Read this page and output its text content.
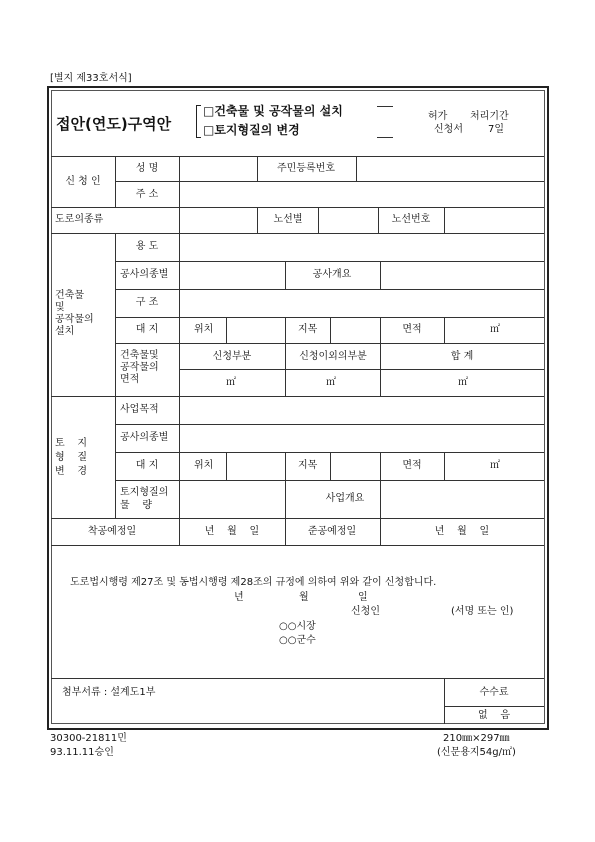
[별지 제33호서식]
접안(연도)구역안
□건축물 및 공작물의 설치
□토지형질의 변경
허가 처리기간
신청서	7일
신 청 인
성 명	주민등록번호
주 소
도로의종류	노선별	노선번호
건축물
및
공작물의
설치
용 도
공사의종별	공사개요
구 조
대 지	위치	지목	면적	㎡
건축물및
공작물의
면적
신청부분	신청이외의부분	합 계
㎡	㎡	㎡
토    지
형    질
변    경
사업목적
공사의종별
대 지	위치	지목	면적	㎡
토지형질의
물    량
사업개요
착공예정일	년    월    일	준공예정일	년    월    일
도로법시행령 제27조 및 동법시행령 제28조의 규정에 의하여 위와 같이 신청합니다.
년	월	일
신청인	(서명 또는 인)
○○시장
○○군수
첨부서류 : 설계도1부	수수료
없    음
30300-21811민
93.11.11승인
210㎜×297㎜
(신문용지54g/㎡)
